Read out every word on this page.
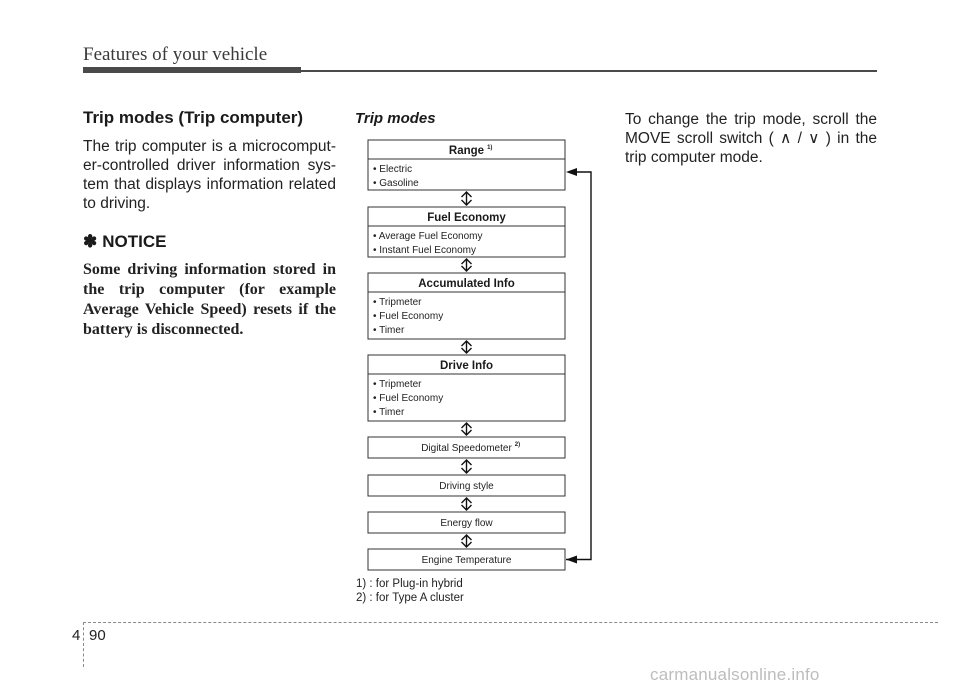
Features of your vehicle
Trip modes (Trip computer)
The trip computer is a microcomput-er-controlled driver information sys-tem that displays information related to driving.
✽ NOTICE
Some driving information stored in the trip computer (for example Average Vehicle Speed) resets if the battery is disconnected.
Trip modes
Range 1)
• Electric
• Gasoline
Fuel Economy
• Average Fuel Economy
• Instant Fuel Economy
Accumulated Info
• Tripmeter
• Fuel Economy
• Timer
Drive Info
• Tripmeter
• Fuel Economy
• Timer
Digital Speedometer 2)
Driving style
Energy flow
Engine Temperature
1) : for Plug-in hybrid
2) : for Type A cluster
To change the trip mode, scroll the MOVE scroll switch ( ∧ / ∨ ) in the trip computer mode.
4 90
carmanualsonline.info
